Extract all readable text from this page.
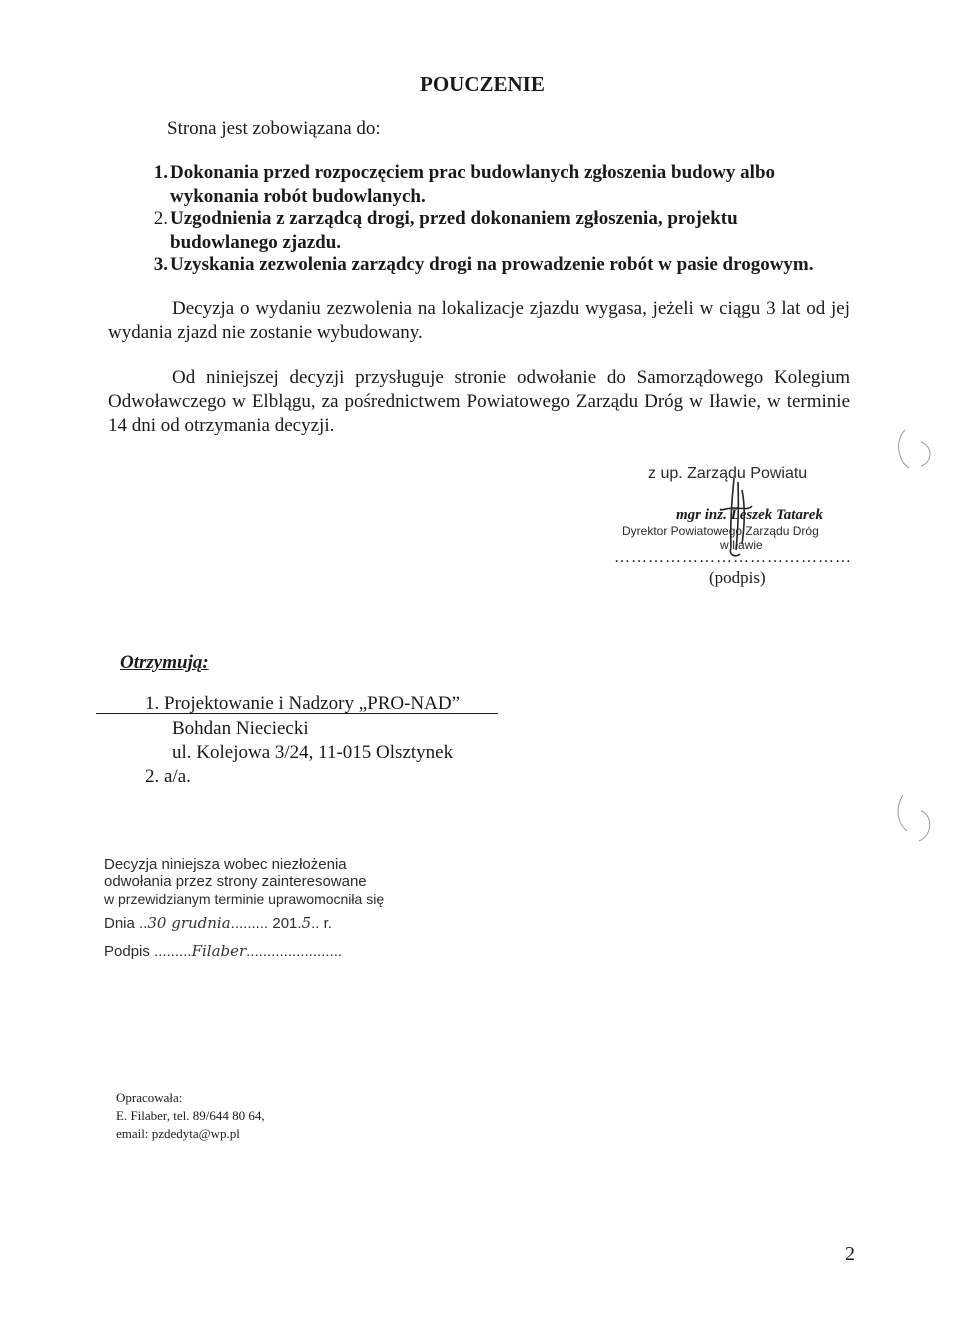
POUCZENIE
Strona jest zobowiązana do:
1. Dokonania przed rozpoczęciem prac budowlanych zgłoszenia budowy albo
wykonania robót budowlanych.
2. Uzgodnienia z zarządcą drogi, przed dokonaniem zgłoszenia, projektu
budowlanego zjazdu.
3. Uzyskania zezwolenia zarządcy drogi na prowadzenie robót w pasie drogowym.
Decyzja o wydaniu zezwolenia na lokalizacje zjazdu wygasa, jeżeli w ciągu 3 lat od jej wydania zjazd nie zostanie wybudowany.
Od niniejszej decyzji przysługuje stronie odwołanie do Samorządowego Kolegium Odwoławczego w Elblągu, za pośrednictwem Powiatowego Zarządu Dróg w Iławie, w terminie 14 dni od otrzymania decyzji.
z up. Zarządu Powiatu
mgr inż. Leszek Tatarek
Dyrektor Powiatowego Zarządu Dróg
w Iławie
……………………………………
(podpis)
Otrzymują:
1. Projektowanie i Nadzory „PRO-NAD”
Bohdan Nieciecki
ul. Kolejowa 3/24, 11-015 Olsztynek
2. a/a.
Decyzja niniejsza wobec niezłożenia
odwołania przez strony zainteresowane
w przewidzianym terminie uprawomocniła się
Dnia ..30 grudnia......... 201.5.. r.
Podpis .........Filaber.......................
Opracowała:
E. Filaber, tel. 89/644 80 64,
email: pzdedyta@wp.pl
2
